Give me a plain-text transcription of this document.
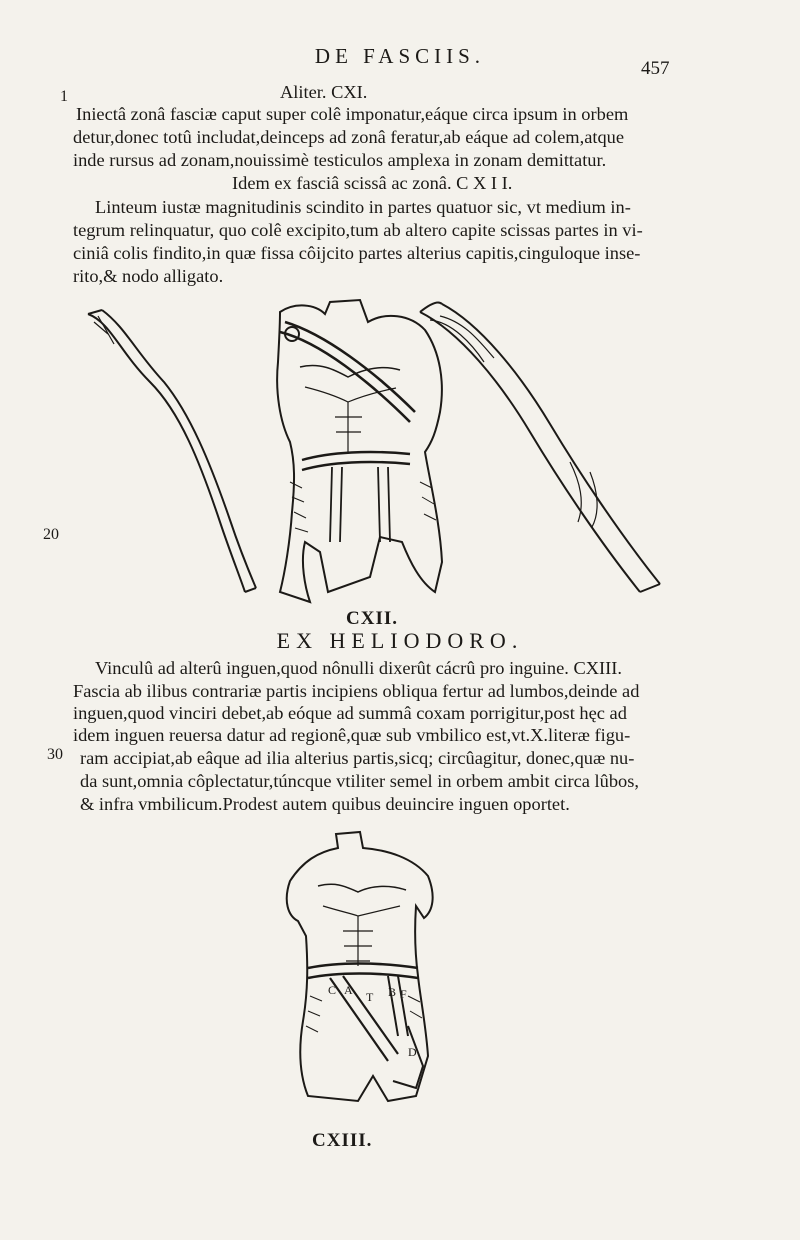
DE FASCIIS.
457
1
20
30
Aliter. CXI.
Iniectâ zonâ fasciæ caput super colê imponatur,eáque circa ipsum in orbem
detur,donec totû includat,deinceps ad zonâ feratur,ab eáque ad colem,atque
inde rursus ad zonam,nouissimè testiculos amplexa in zonam demittatur.
Idem ex fasciâ scissâ ac zonâ. C X I I.
Linteum iustæ magnitudinis scindito in partes quatuor sic, vt medium in-
tegrum relinquatur, quo colê excipito,tum ab altero capite scissas partes in vi-
ciniâ colis findito,in quæ fissa côijcito partes alterius capitis,cinguloque inse-
rito,& nodo alligato.
CXII.
EX HELIODORO.
Vinculû ad alterû inguen,quod nônulli dixerût cácrû pro inguine. CXIII.
Fascia ab ilibus contrariæ partis incipiens obliqua fertur ad lumbos,deinde ad
inguen,quod vinciri debet,ab eóque ad summâ coxam porrigitur,post hęc ad
idem inguen reuersa datur ad regionê,quæ sub vmbilico est,vt.X.literæ figu-
ram accipiat,ab eâque ad ilia alterius partis,sicq; circûagitur, donec,quæ nu-
da sunt,omnia côplectatur,túncque vtiliter semel in orbem ambit circa lûbos,
& infra vmbilicum.Prodest autem quibus deuincire inguen oportet.
C A T B F
D
CXIII.
